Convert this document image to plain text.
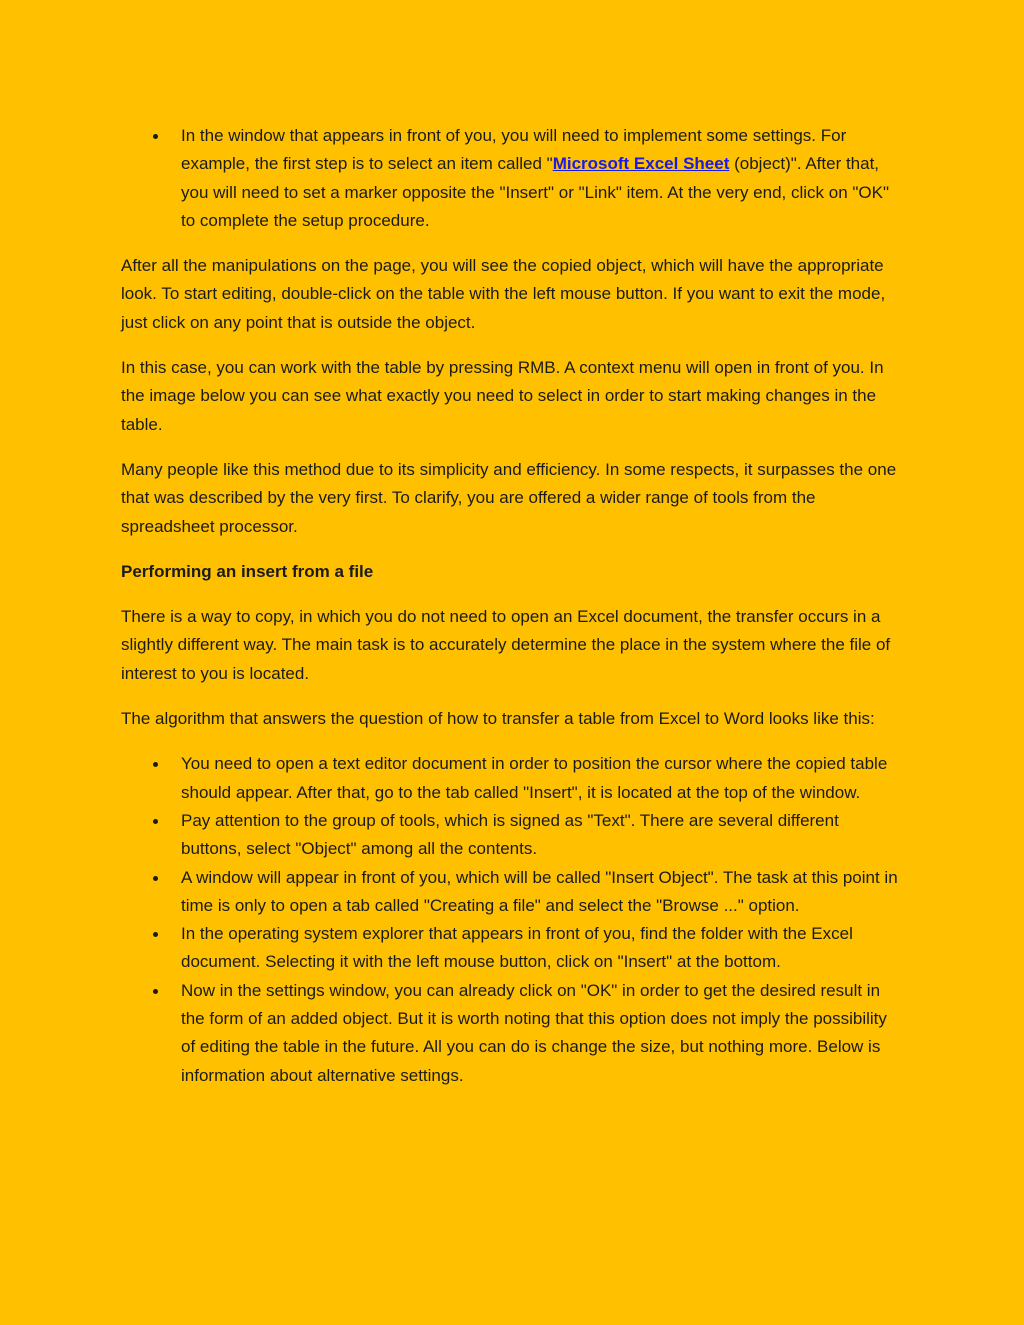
In the window that appears in front of you, you will need to implement some settings. For example, the first step is to select an item called "Microsoft Excel Sheet (object)". After that, you will need to set a marker opposite the "Insert" or "Link" item. At the very end, click on "OK" to complete the setup procedure.

After all the manipulations on the page, you will see the copied object, which will have the appropriate look. To start editing, double-click on the table with the left mouse button. If you want to exit the mode, just click on any point that is outside the object.

In this case, you can work with the table by pressing RMB. A context menu will open in front of you. In the image below you can see what exactly you need to select in order to start making changes in the table.

Many people like this method due to its simplicity and efficiency. In some respects, it surpasses the one that was described by the very first. To clarify, you are offered a wider range of tools from the spreadsheet processor.

Performing an insert from a file

There is a way to copy, in which you do not need to open an Excel document, the transfer occurs in a slightly different way. The main task is to accurately determine the place in the system where the file of interest to you is located.

The algorithm that answers the question of how to transfer a table from Excel to Word looks like this:

You need to open a text editor document in order to position the cursor where the copied table should appear. After that, go to the tab called "Insert", it is located at the top of the window.
Pay attention to the group of tools, which is signed as "Text". There are several different buttons, select "Object" among all the contents.
A window will appear in front of you, which will be called "Insert Object". The task at this point in time is only to open a tab called "Creating a file" and select the "Browse ..." option.
In the operating system explorer that appears in front of you, find the folder with the Excel document. Selecting it with the left mouse button, click on "Insert" at the bottom.
Now in the settings window, you can already click on "OK" in order to get the desired result in the form of an added object. But it is worth noting that this option does not imply the possibility of editing the table in the future. All you can do is change the size, but nothing more. Below is information about alternative settings.
